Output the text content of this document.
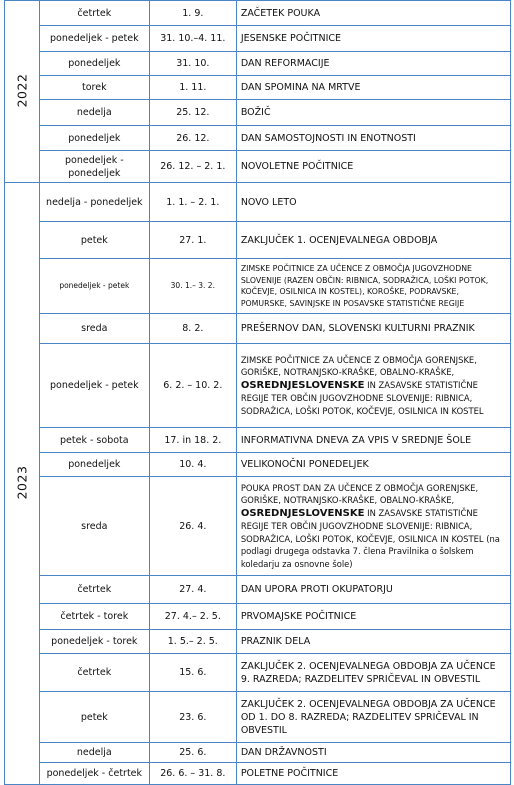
2022	četrtek	1. 9.	ZAČETEK POUKA
	ponedeljek - petek	31. 10.–4. 11.	JESENSKE POČITNICE
	ponedeljek	31. 10.	DAN REFORMACIJE
	torek	1. 11.	DAN SPOMINA NA MRTVE
	nedelja	25. 12.	BOŽIČ
	ponedeljek	26. 12.	DAN SAMOSTOJNOSTI IN ENOTNOSTI
	ponedeljek - ponedeljek	26. 12. – 2. 1.	NOVOLETNE POČITNICE
2023	nedelja - ponedeljek	1. 1. – 2. 1.	NOVO LETO
	petek	27. 1.	ZAKLJUČEK 1. OCENJEVALNEGA OBDOBJA
	ponedeljek - petek	30. 1.– 3. 2.	ZIMSKE POČITNICE ZA UČENCE Z OBMOČJA JUGOVZHODNE SLOVENIJE (RAZEN OBČIN: RIBNICA, SODRAŽICA, LOŠKI POTOK, KOČEVJE, OSILNICA IN KOSTEL), KOROŠKE, PODRAVSKE, POMURSKE, SAVINJSKE IN POSAVSKE STATISTIČNE REGIJE
	sreda	8. 2.	PREŠERNOV DAN, SLOVENSKI KULTURNI PRAZNIK
	ponedeljek - petek	6. 2. – 10. 2.	ZIMSKE POČITNICE ZA UČENCE Z OBMOČJA GORENJSKE, GORIŠKE, NOTRANJSKO-KRAŠKE, OBALNO-KRAŠKE, OSREDNJESLOVENSKE IN ZASAVSKE STATISTIČNE REGIJE TER OBČIN JUGOVZHODNE SLOVENIJE: RIBNICA, SODRAŽICA, LOŠKI POTOK, KOČEVJE, OSILNICA IN KOSTEL
	petek - sobota	17. in 18. 2.	INFORMATIVNA DNEVA ZA VPIS V SREDNJE ŠOLE
	ponedeljek	10. 4.	VELIKONOČNI PONEDELJEK
	sreda	26. 4.	POUKA PROST DAN ZA UČENCE Z OBMOČJA GORENJSKE, GORIŠKE, NOTRANJSKO-KRAŠKE, OBALNO-KRAŠKE, OSREDNJESLOVENSKE IN ZASAVSKE STATISTIČNE REGIJE TER OBČIN JUGOVZHODNE SLOVENIJE: RIBNICA, SODRAŽICA, LOŠKI POTOK, KOČEVJE, OSILNICA IN KOSTEL (na podlagi drugega odstavka 7. člena Pravilnika o šolskem koledarju za osnovne šole)
	četrtek	27. 4.	DAN UPORA PROTI OKUPATORJU
	četrtek - torek	27. 4.– 2. 5.	PRVOMAJSKE POČITNICE
	ponedeljek - torek	1. 5.– 2. 5.	PRAZNIK DELA
	četrtek	15. 6.	ZAKLJUČEK 2. OCENJEVALNEGA OBDOBJA ZA UČENCE 9. RAZREDA; RAZDELITEV SPRIČEVAL IN OBVESTIL
	petek	23. 6.	ZAKLJUČEK 2. OCENJEVALNEGA OBDOBJA ZA UČENCE OD 1. DO 8. RAZREDA; RAZDELITEV SPRIČEVAL IN OBVESTIL
	nedelja	25. 6.	DAN DRŽAVNOSTI
	ponedeljek - četrtek	26. 6. – 31. 8.	POLETNE POČITNICE
